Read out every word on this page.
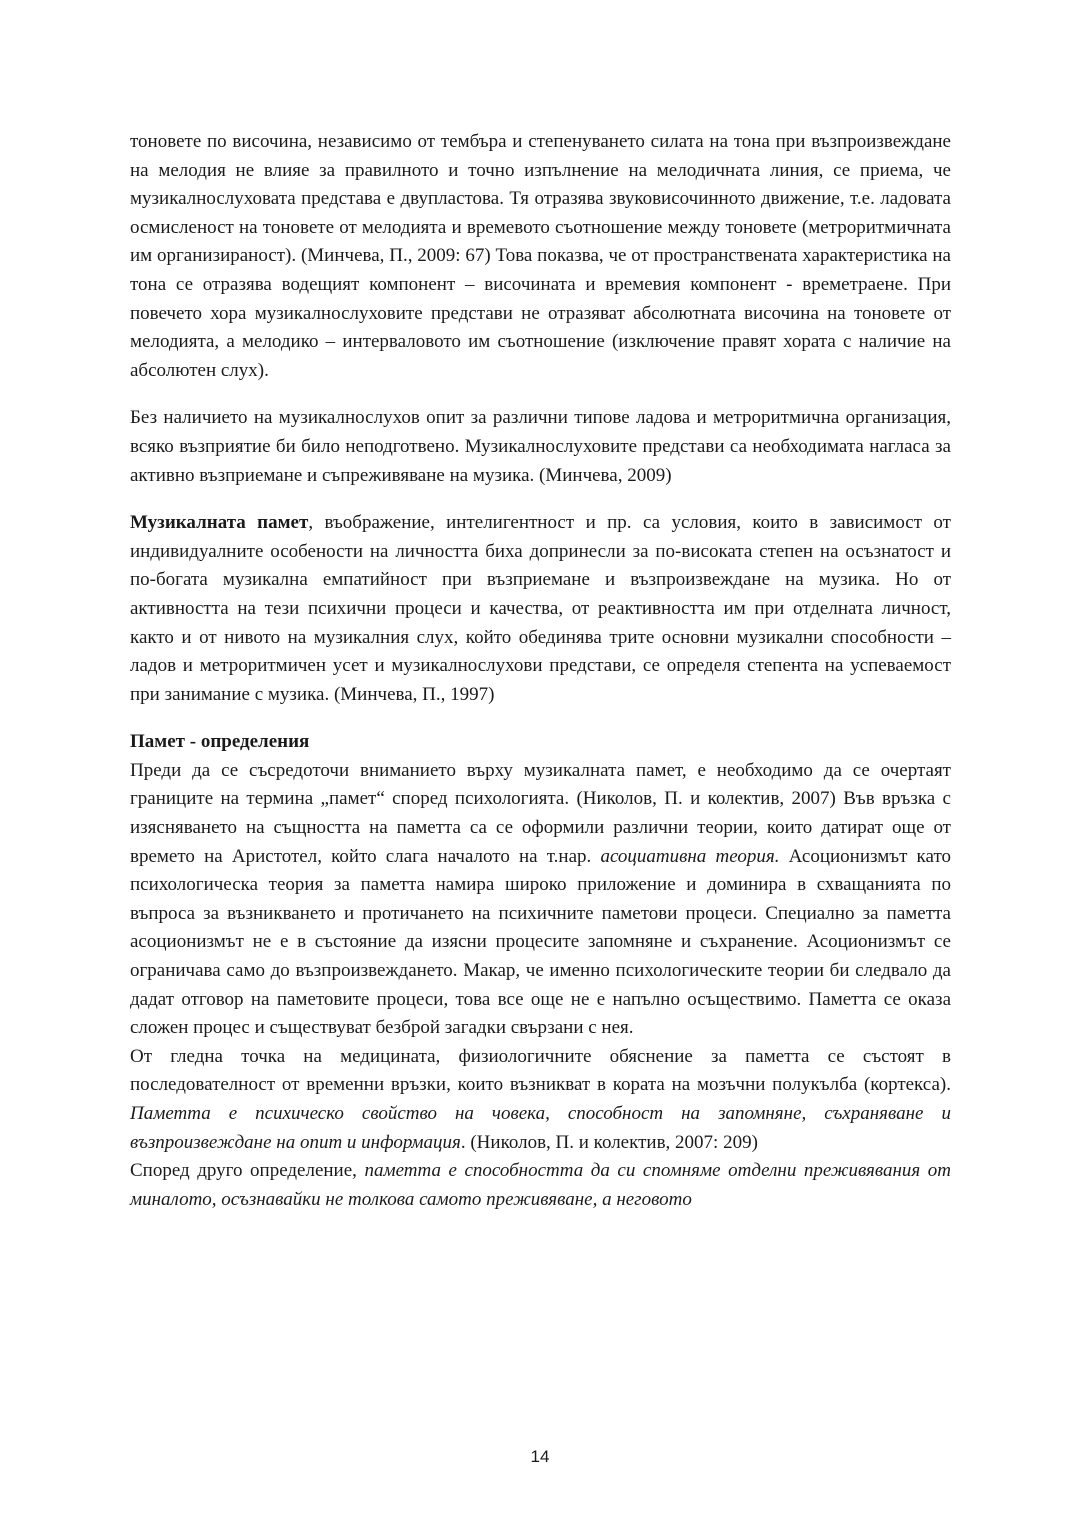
тоновете по височина, независимо от тембъра и степенуването силата на тона при възпроизвеждане на мелодия не влияе за правилното и точно изпълнение на мелодичната линия, се приема, че музикалнослуховата представа е двупластова. Тя отразява звуковисочинното движение, т.е. ладовата осмисленост на тоновете от мелодията и времевото съотношение между тоновете (метроритмичната им организираност). (Минчева, П., 2009: 67) Това показва, че от пространствената характеристика на тона се отразява водещият компонент – височината и времевия компонент - времетраене. При повечето хора музикалнослуховите представи не отразяват абсолютната височина на тоновете от мелодията, а мелодико – интерваловото им съотношение (изключение правят хората с наличие на абсолютен слух).

Без наличието на музикалнослухов опит за различни типове ладова и метроритмична организация, всяко възприятие би било неподготвено. Музикалнослуховите представи са необходимата нагласа за активно възприемане и съпреживяване на музика. (Минчева, 2009)

Музикалната памет, въображение, интелигентност и пр. са условия, които в зависимост от индивидуалните особености на личността биха допринесли за по-високата степен на осъзнатост и по-богата музикална емпатийност при възприемане и възпроизвеждане на музика. Но от активността на тези психични процеси и качества, от реактивността им при отделната личност, както и от нивото на музикалния слух, който обединява трите основни музикални способности – ладов и метроритмичен усет и музикалнослухови представи, се определя степента на успеваемост при занимание с музика. (Минчева, П., 1997)

Памет - определения

Преди да се съсредоточи вниманието върху музикалната памет, е необходимо да се очертаят границите на термина „памет“ според психологията. (Николов, П. и колектив, 2007) Във връзка с изясняването на същността на паметта са се оформили различни теории, които датират още от времето на Аристотел, който слага началото на т.нар. асоциативна теория. Асоционизмът като психологическа теория за паметта намира широко приложение и доминира в схващанията по въпроса за възникването и протичането на психичните паметови процеси. Специално за паметта асоционизмът не е в състояние да изясни процесите запомняне и съхранение. Асоционизмът се ограничава само до възпроизвеждането. Макар, че именно психологическите теории би следвало да дадат отговор на паметовите процеси, това все още не е напълно осъществимо. Паметта се оказа сложен процес и съществуват безброй загадки свързани с нея.

От гледна точка на медицината, физиологичните обяснение за паметта се състоят в последователност от временни връзки, които възникват в кората на мозъчни полукълба (кортекса). Паметта е психическо свойство на човека, способност на запомняне, съхраняване и възпроизвеждане на опит и информация. (Николов, П. и колектив, 2007: 209)

Според друго определение, паметта е способността да си спомняме отделни преживявания от миналото, осъзнавайки не толкова самото преживяване, а неговото

14
